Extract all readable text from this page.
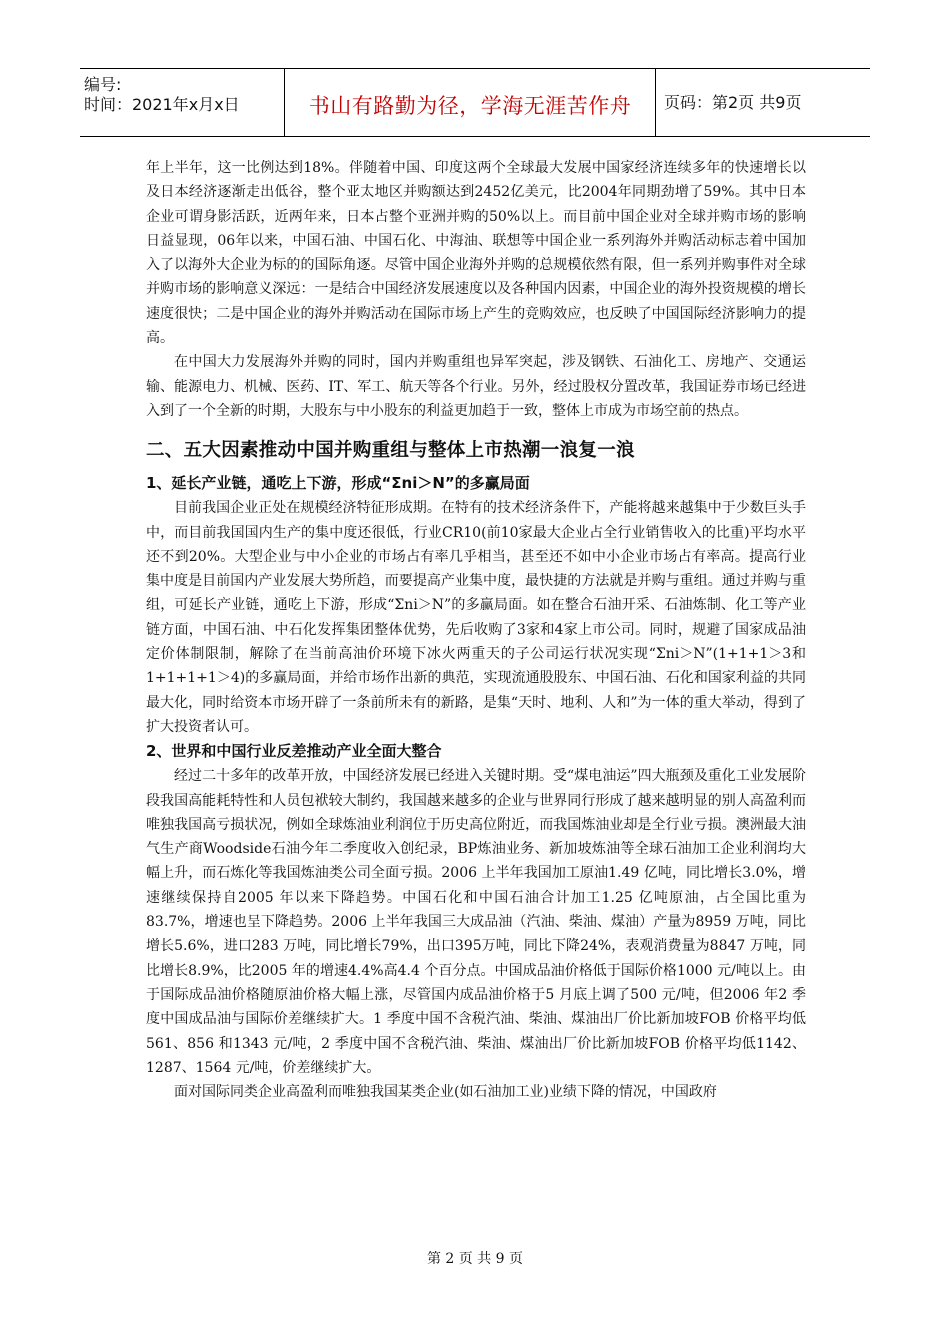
编号:
时间：2021年x月x日	书山有路勤为径，学海无涯苦作舟	页码：第2页 共9页

年上半年，这一比例达到18%。伴随着中国、印度这两个全球最大发展中国家经济连续多年的快速增长以及日本经济逐渐走出低谷，整个亚太地区并购额达到2452亿美元，比2004年同期劲增了59%。其中日本企业可谓身影活跃，近两年来，日本占整个亚洲并购的50%以上。而目前中国企业对全球并购市场的影响日益显现，06年以来，中国石油、中国石化、中海油、联想等中国企业一系列海外并购活动标志着中国加入了以海外大企业为标的的国际角逐。尽管中国企业海外并购的总规模依然有限，但一系列并购事件对全球并购市场的影响意义深远：一是结合中国经济发展速度以及各种国内因素，中国企业的海外投资规模的增长速度很快；二是中国企业的海外并购活动在国际市场上产生的竞购效应，也反映了中国国际经济影响力的提高。

在中国大力发展海外并购的同时，国内并购重组也异军突起，涉及钢铁、石油化工、房地产、交通运输、能源电力、机械、医药、IT、军工、航天等各个行业。另外，经过股权分置改革，我国证券市场已经进入到了一个全新的时期，大股东与中小股东的利益更加趋于一致，整体上市成为市场空前的热点。

二、五大因素推动中国并购重组与整体上市热潮一浪复一浪
1、延长产业链，通吃上下游，形成“Σni＞N”的多赢局面

目前我国企业正处在规模经济特征形成期。在特有的技术经济条件下，产能将越来越集中于少数巨头手中，而目前我国国内生产的集中度还很低，行业CR10(前10家最大企业占全行业销售收入的比重)平均水平还不到20%。大型企业与中小企业的市场占有率几乎相当，甚至还不如中小企业市场占有率高。提高行业集中度是目前国内产业发展大势所趋，而要提高产业集中度，最快捷的方法就是并购与重组。通过并购与重组，可延长产业链，通吃上下游，形成“Σni＞N”的多赢局面。如在整合石油开采、石油炼制、化工等产业链方面，中国石油、中石化发挥集团整体优势，先后收购了3家和4家上市公司。同时，规避了国家成品油定价体制限制，解除了在当前高油价环境下冰火两重天的子公司运行状况实现“Σni＞N”(1+1+1＞3和1+1+1+1＞4)的多赢局面，并给市场作出新的典范，实现流通股股东、中国石油、石化和国家利益的共同最大化，同时给资本市场开辟了一条前所未有的新路，是集“天时、地利、人和”为一体的重大举动，得到了扩大投资者认可。

2、世界和中国行业反差推动产业全面大整合

经过二十多年的改革开放，中国经济发展已经进入关键时期。受“煤电油运”四大瓶颈及重化工业发展阶段我国高能耗特性和人员包袱较大制约，我国越来越多的企业与世界同行形成了越来越明显的别人高盈利而唯独我国高亏损状况，例如全球炼油业利润位于历史高位附近，而我国炼油业却是全行业亏损。澳洲最大油气生产商Woodside石油今年二季度收入创纪录，BP炼油业务、新加坡炼油等全球石油加工企业利润均大幅上升，而石炼化等我国炼油类公司全面亏损。2006 上半年我国加工原油1.49 亿吨，同比增长3.0%，增速继续保持自2005 年以来下降趋势。中国石化和中国石油合计加工1.25 亿吨原油，占全国比重为83.7%，增速也呈下降趋势。2006 上半年我国三大成品油（汽油、柴油、煤油）产量为8959 万吨，同比增长5.6%，进口283 万吨，同比增长79%，出口395万吨，同比下降24%，表观消费量为8847 万吨，同比增长8.9%，比2005 年的增速4.4%高4.4 个百分点。中国成品油价格低于国际价格1000 元/吨以上。由于国际成品油价格随原油价格大幅上涨，尽管国内成品油价格于5 月底上调了500 元/吨，但2006 年2 季度中国成品油与国际价差继续扩大。1 季度中国不含税汽油、柴油、煤油出厂价比新加坡FOB 价格平均低561、856 和1343 元/吨，2 季度中国不含税汽油、柴油、煤油出厂价比新加坡FOB 价格平均低1142、1287、1564 元/吨，价差继续扩大。

面对国际同类企业高盈利而唯独我国某类企业(如石油加工业)业绩下降的情况，中国政府

第 2 页 共 9 页
